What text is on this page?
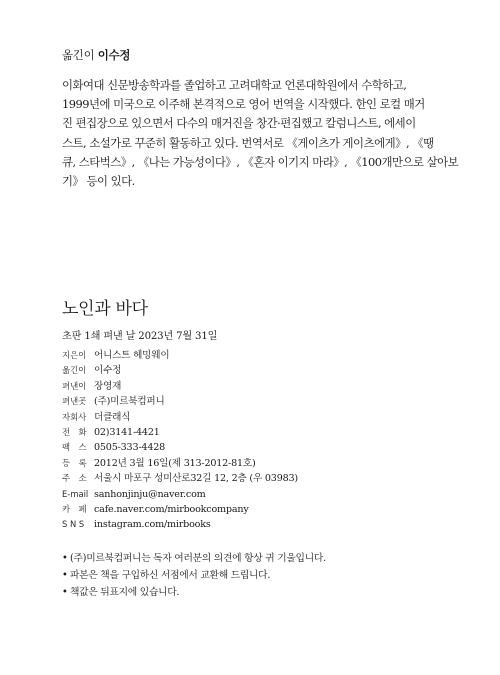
옮긴이 이수정

이화여대 신문방송학과를 졸업하고 고려대학교 언론대학원에서 수학하고,
1999년에 미국으로 이주해 본격적으로 영어 번역을 시작했다. 한인 로컬 매거
진 편집장으로 있으면서 다수의 매거진을 창간·편집했고 칼럼니스트, 에세이
스트, 소설가로 꾸준히 활동하고 있다. 번역서로 《게이츠가 게이츠에게》, 《땡
큐, 스타벅스》, 《나는 가능성이다》, 《혼자 이기지 마라》, 《100개만으로 살아보
기》 등이 있다.

노인과 바다
초판 1쇄 펴낸 날 2023년 7월 31일
지은이 어니스트 헤밍웨이
옮긴이 이수정
펴낸이 장영재
펴낸곳 (주)미르북컴퍼니
자회사 더클래식
전　화 02)3141-4421
팩　스 0505-333-4428
등　록 2012년 3월 16일(제 313-2012-81호)
주　소 서울시 마포구 성미산로32길 12, 2층 (우 03983)
E-mail sanhonjinju@naver.com
카　페 cafe.naver.com/mirbookcompany
S N S	instagram.com/mirbooks
• (주)미르북컴퍼니는 독자 여러분의 의견에 항상 귀 기울입니다.
• 파본은 책을 구입하신 서점에서 교환해 드립니다.
• 책값은 뒤표지에 있습니다.
